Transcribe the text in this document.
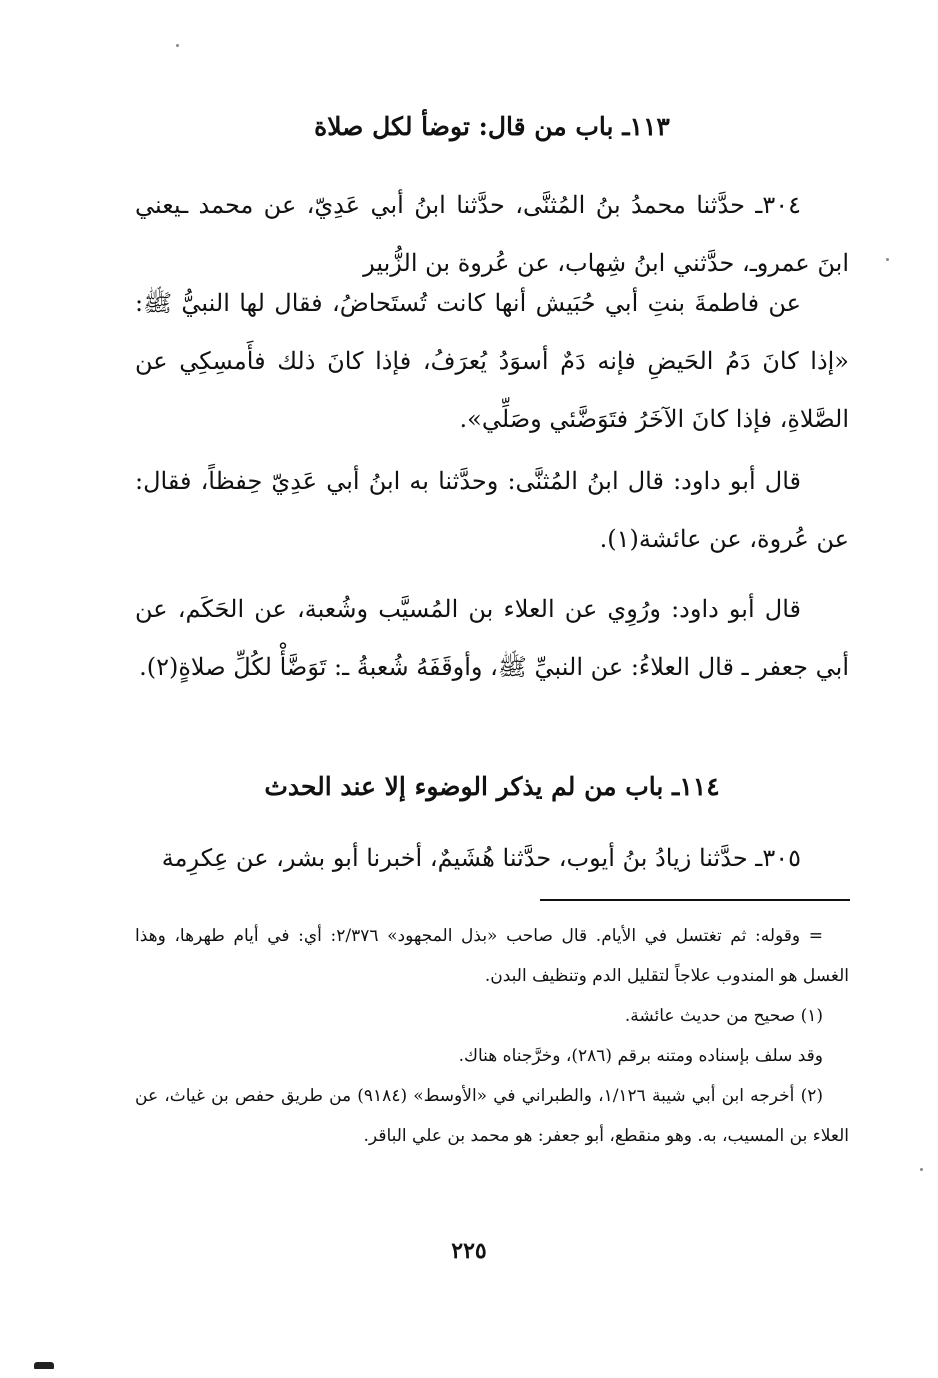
١١٣ـ باب من قال: توضأ لكل صلاة
٣٠٤ـ حدَّثنا محمدُ بنُ المُثنَّى، حدَّثنا ابنُ أبي عَدِيّ، عن محمد ـيعني ابنَ عمروـ، حدَّثني ابنُ شِهاب، عن عُروة بن الزُّبير
عن فاطمةَ بنتِ أبي حُبَيش أنها كانت تُستَحاضُ، فقال لها النبيُّ ﷺ: «إذا كانَ دَمُ الحَيضِ فإنه دَمٌ أسوَدُ يُعرَفُ، فإذا كانَ ذلك فأَمسِكِي عن الصَّلاةِ، فإذا كانَ الآخَرُ فتَوَضَّئي وصَلِّي».
قال أبو داود: قال ابنُ المُثنَّى: وحدَّثنا به ابنُ أبي عَدِيّ حِفظاً، فقال: عن عُروة، عن عائشة(١).
قال أبو داود: ورُوِي عن العلاء بن المُسيَّب وشُعبة، عن الحَكَم، عن أبي جعفر ـ قال العلاءُ: عن النبيِّ ﷺ، وأوقَفَهُ شُعبةُ ـ: تَوَضَّأْ لكُلِّ صلاةٍ(٢).
١١٤ـ باب من لم يذكر الوضوء إلا عند الحدث
٣٠٥ـ حدَّثنا زيادُ بنُ أيوب، حدَّثنا هُشَيمٌ، أخبرنا أبو بشر، عن عِكرِمة
= وقوله: ثم تغتسل في الأيام. قال صاحب «بذل المجهود» ٢/٣٧٦: أي: في أيام طهرها، وهذا الغسل هو المندوب علاجاً لتقليل الدم وتنظيف البدن.
(١) صحيح من حديث عائشة.
وقد سلف بإسناده ومتنه برقم (٢٨٦)، وخرَّجناه هناك.
(٢) أخرجه ابن أبي شيبة ١/١٢٦، والطبراني في «الأوسط» (٩١٨٤) من طريق حفص بن غياث، عن العلاء بن المسيب، به. وهو منقطع، أبو جعفر: هو محمد بن علي الباقر.
٢٢٥
